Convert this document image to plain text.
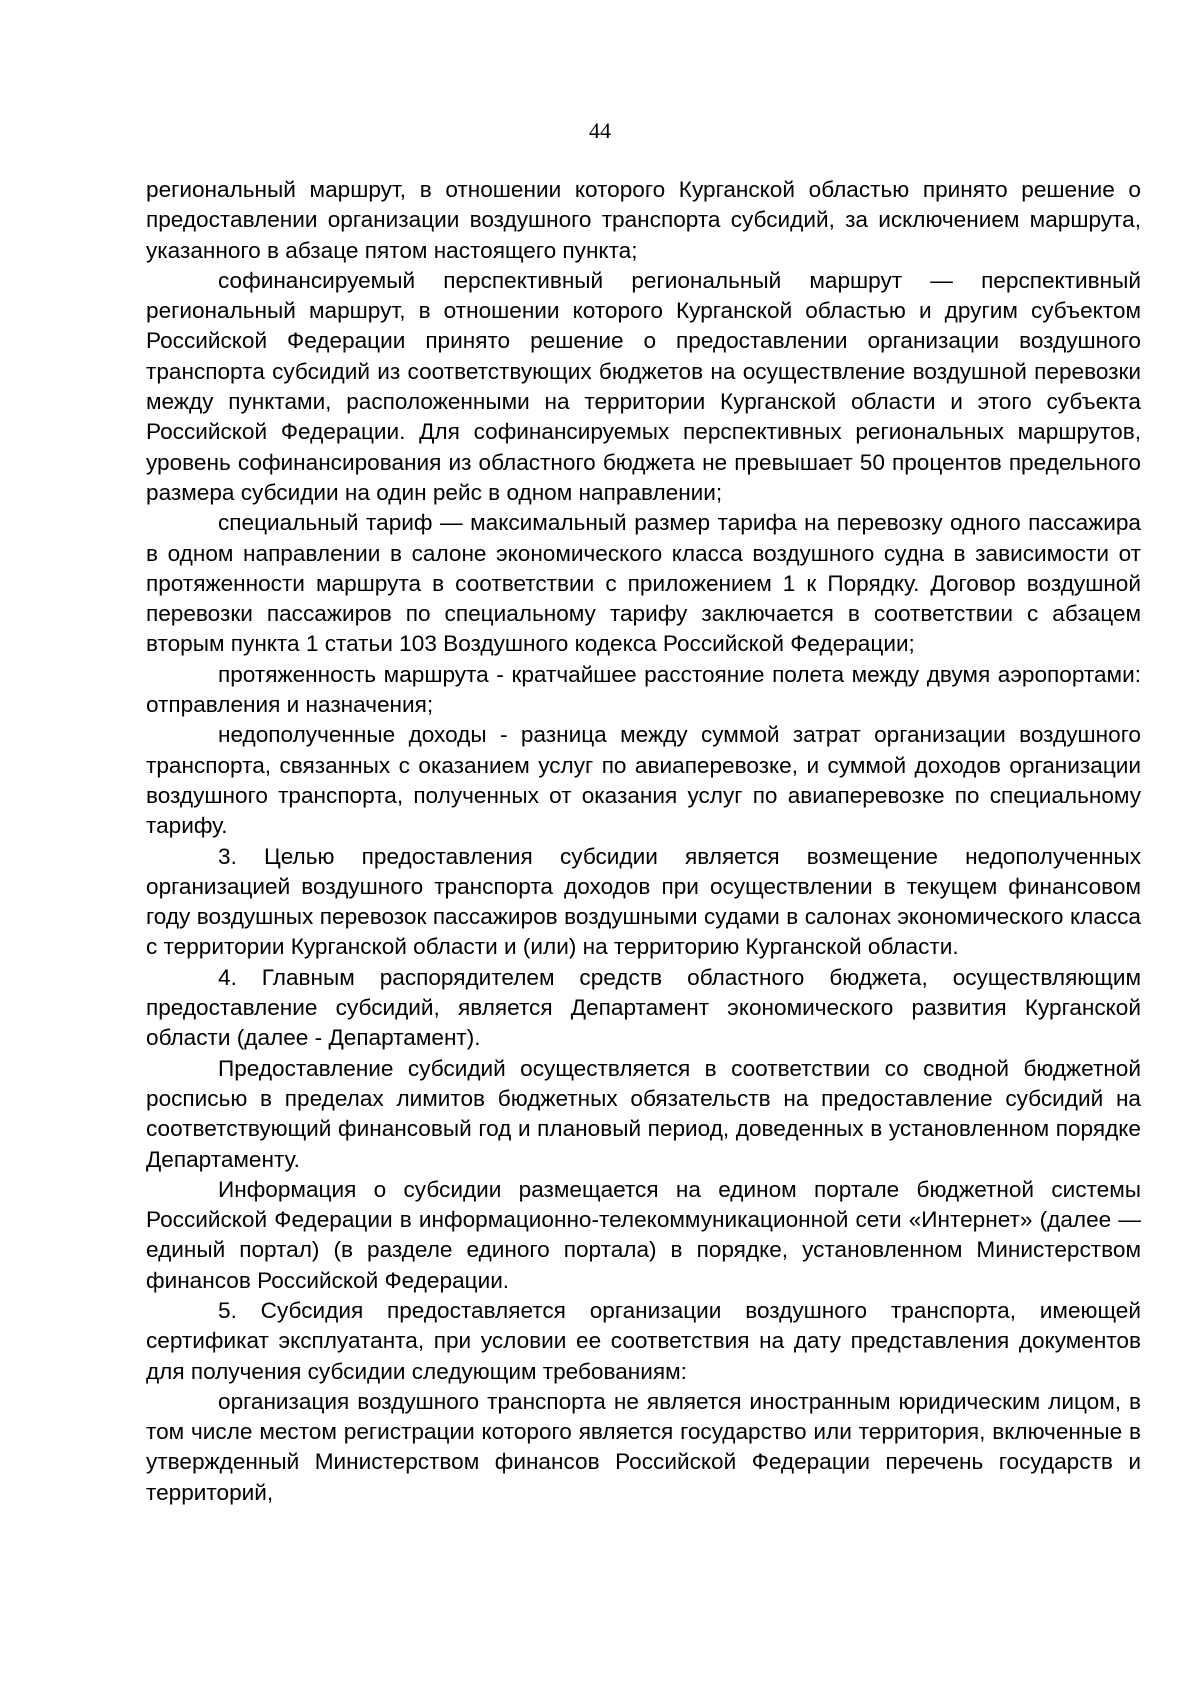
44

региональный маршрут, в отношении которого Курганской областью принято решение о предоставлении организации воздушного транспорта субсидий, за исключением маршрута, указанного в абзаце пятом настоящего пункта;

софинансируемый перспективный региональный маршрут — перспективный региональный маршрут, в отношении которого Курганской областью и другим субъектом Российской Федерации принято решение о предоставлении организации воздушного транспорта субсидий из соответствующих бюджетов на осуществление воздушной перевозки между пунктами, расположенными на территории Курганской области и этого субъекта Российской Федерации. Для софинансируемых перспективных региональных маршрутов, уровень софинансирования из областного бюджета не превышает 50 процентов предельного размера субсидии на один рейс в одном направлении;

специальный тариф — максимальный размер тарифа на перевозку одного пассажира в одном направлении в салоне экономического класса воздушного судна в зависимости от протяженности маршрута в соответствии с приложением 1 к Порядку. Договор воздушной перевозки пассажиров по специальному тарифу заключается в соответствии с абзацем вторым пункта 1 статьи 103 Воздушного кодекса Российской Федерации;

протяженность маршрута - кратчайшее расстояние полета между двумя аэропортами: отправления и назначения;

недополученные доходы - разница между суммой затрат организации воздушного транспорта, связанных с оказанием услуг по авиаперевозке, и суммой доходов организации воздушного транспорта, полученных от оказания услуг по авиаперевозке по специальному тарифу.

3. Целью предоставления субсидии является возмещение недополученных организацией воздушного транспорта доходов при осуществлении в текущем финансовом году воздушных перевозок пассажиров воздушными судами в салонах экономического класса с территории Курганской области и (или) на территорию Курганской области.

4. Главным распорядителем средств областного бюджета, осуществляющим предоставление субсидий, является Департамент экономического развития Курганской области (далее - Департамент).

Предоставление субсидий осуществляется в соответствии со сводной бюджетной росписью в пределах лимитов бюджетных обязательств на предоставление субсидий на соответствующий финансовый год и плановый период, доведенных в установленном порядке Департаменту.

Информация о субсидии размещается на едином портале бюджетной системы Российской Федерации в информационно-телекоммуникационной сети «Интернет» (далее — единый портал) (в разделе единого портала) в порядке, установленном Министерством финансов Российской Федерации.

5. Субсидия предоставляется организации воздушного транспорта, имеющей сертификат эксплуатанта, при условии ее соответствия на дату представления документов для получения субсидии следующим требованиям:

организация воздушного транспорта не является иностранным юридическим лицом, в том числе местом регистрации которого является государство или территория, включенные в утвержденный Министерством финансов Российской Федерации перечень государств и территорий,
